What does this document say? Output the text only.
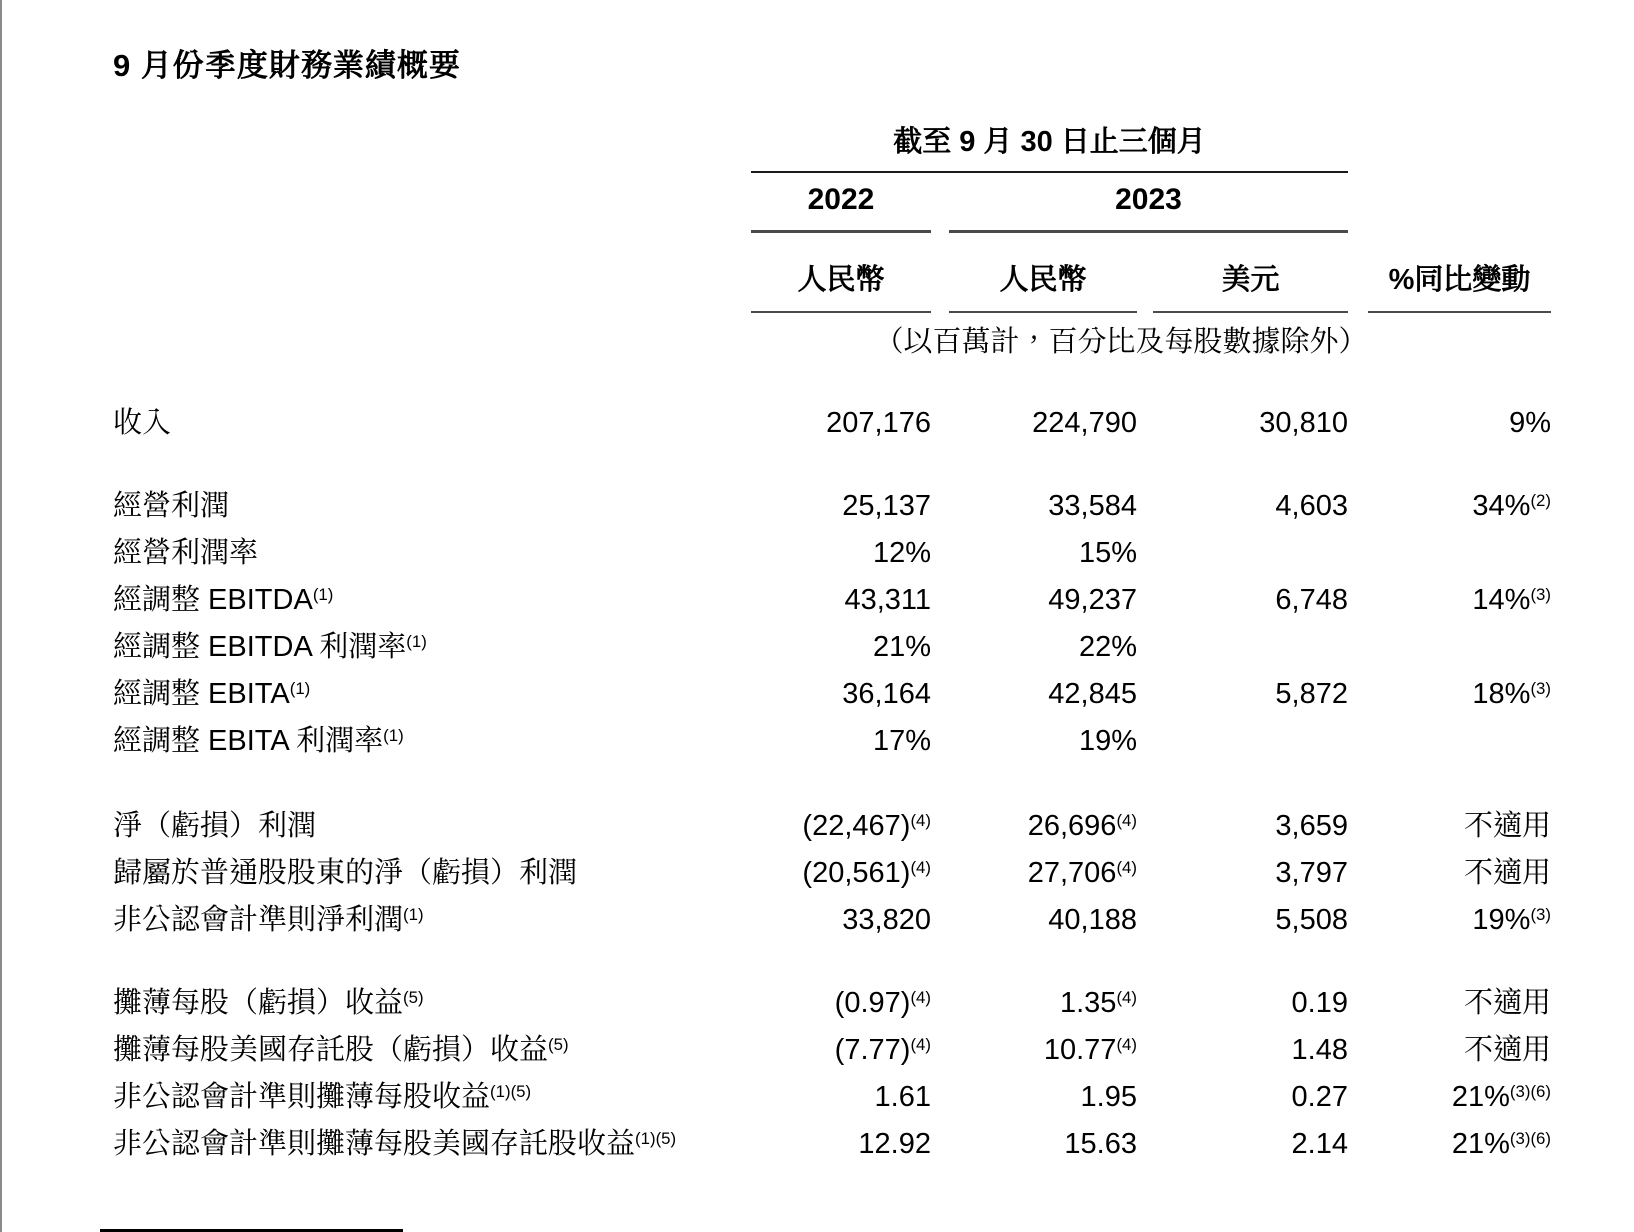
9 月份季度財務業績概要
截至 9 月 30 日止三個月
2022	2023
人民幣	人民幣	美元	%同比變動
（以百萬計，百分比及每股數據除外）
收入	207,176	224,790	30,810	9%
經營利潤	25,137	33,584	4,603	34%$^{(2)}$
經營利潤率	12%	15%
經調整 EBITDA$^{(1)}$	43,311	49,237	6,748	14%$^{(3)}$
經調整 EBITDA 利潤率$^{(1)}$	21%	22%
經調整 EBITA$^{(1)}$	36,164	42,845	5,872	18%$^{(3)}$
經調整 EBITA 利潤率$^{(1)}$	17%	19%
淨（虧損）利潤	$(22,467)^{(4)}$	26,696$^{(4)}$	3,659	不適用
歸屬於普通股股東的淨（虧損）利潤	$(20,561)^{(4)}$	27,706$^{(4)}$	3,797	不適用
非公認會計準則淨利潤$^{(1)}$	33,820	40,188	5,508	19%$^{(3)}$
攤薄每股（虧損）收益$^{(5)}$	$(0.97)^{(4)}$	1.35$^{(4)}$	0.19	不適用
攤薄每股美國存託股（虧損）收益$^{(5)}$	$(7.77)^{(4)}$	10.77$^{(4)}$	1.48	不適用
非公認會計準則攤薄每股收益$^{(1)(5)}$	1.61	1.95	0.27	21%$^{(3)(6)}$
非公認會計準則攤薄每股美國存託股收益$^{(1)(5)}$	12.92	15.63	2.14	21%$^{(3)(6)}$
